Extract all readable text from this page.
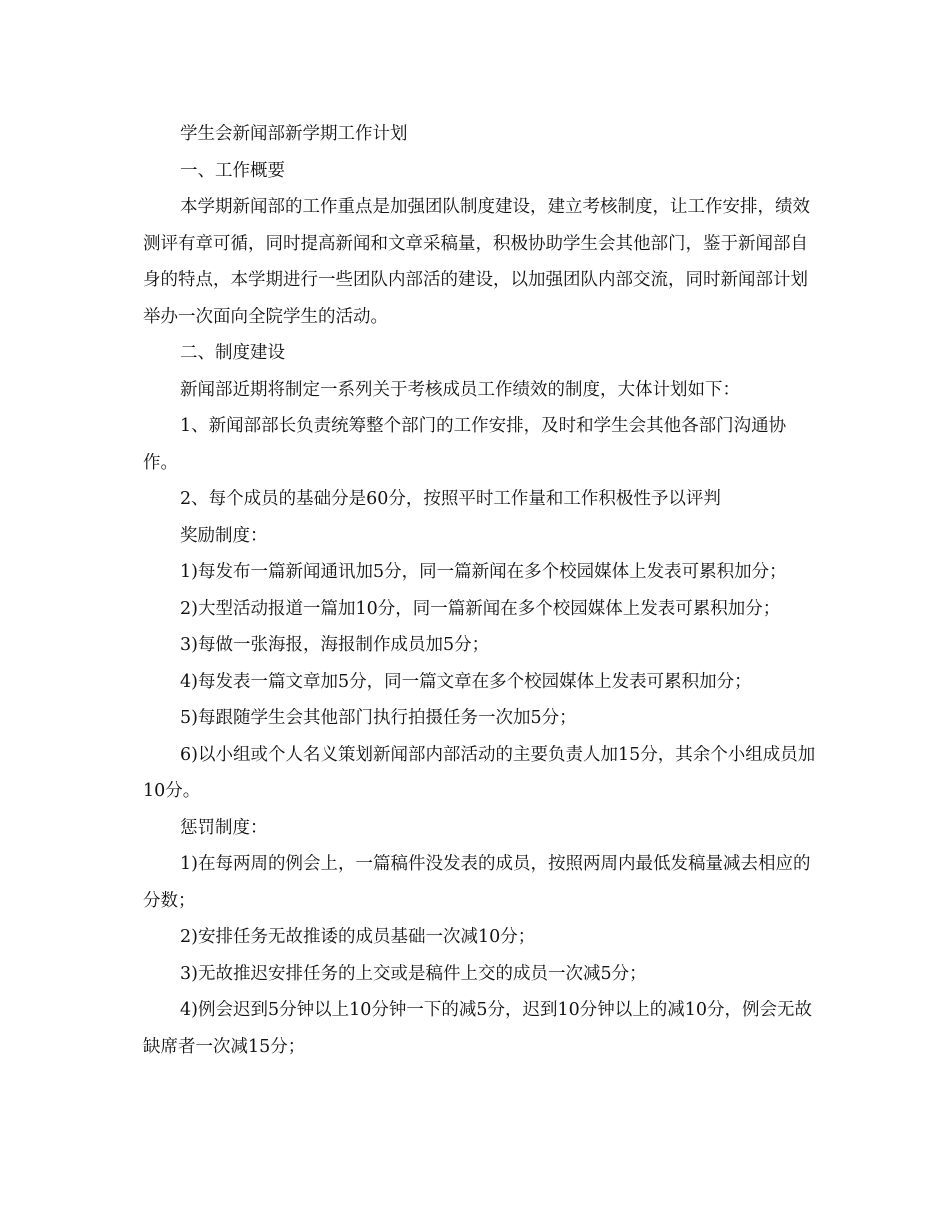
学生会新闻部新学期工作计划

一、工作概要

本学期新闻部的工作重点是加强团队制度建设，建立考核制度，让工作安排，绩效测评有章可循，同时提高新闻和文章采稿量，积极协助学生会其他部门，鉴于新闻部自身的特点，本学期进行一些团队内部活的建设，以加强团队内部交流，同时新闻部计划举办一次面向全院学生的活动。

二、制度建设

新闻部近期将制定一系列关于考核成员工作绩效的制度，大体计划如下：

1、新闻部部长负责统筹整个部门的工作安排，及时和学生会其他各部门沟通协作。

2、每个成员的基础分是60分，按照平时工作量和工作积极性予以评判

奖励制度：

1)每发布一篇新闻通讯加5分，同一篇新闻在多个校园媒体上发表可累积加分；

2)大型活动报道一篇加10分，同一篇新闻在多个校园媒体上发表可累积加分；

3)每做一张海报，海报制作成员加5分；

4)每发表一篇文章加5分，同一篇文章在多个校园媒体上发表可累积加分；

5)每跟随学生会其他部门执行拍摄任务一次加5分；

6)以小组或个人名义策划新闻部内部活动的主要负责人加15分，其余个小组成员加10分。

惩罚制度：

1)在每两周的例会上，一篇稿件没发表的成员，按照两周内最低发稿量减去相应的分数；

2)安排任务无故推诿的成员基础一次减10分；

3)无故推迟安排任务的上交或是稿件上交的成员一次减5分；

4)例会迟到5分钟以上10分钟一下的减5分，迟到10分钟以上的减10分，例会无故缺席者一次减15分；
